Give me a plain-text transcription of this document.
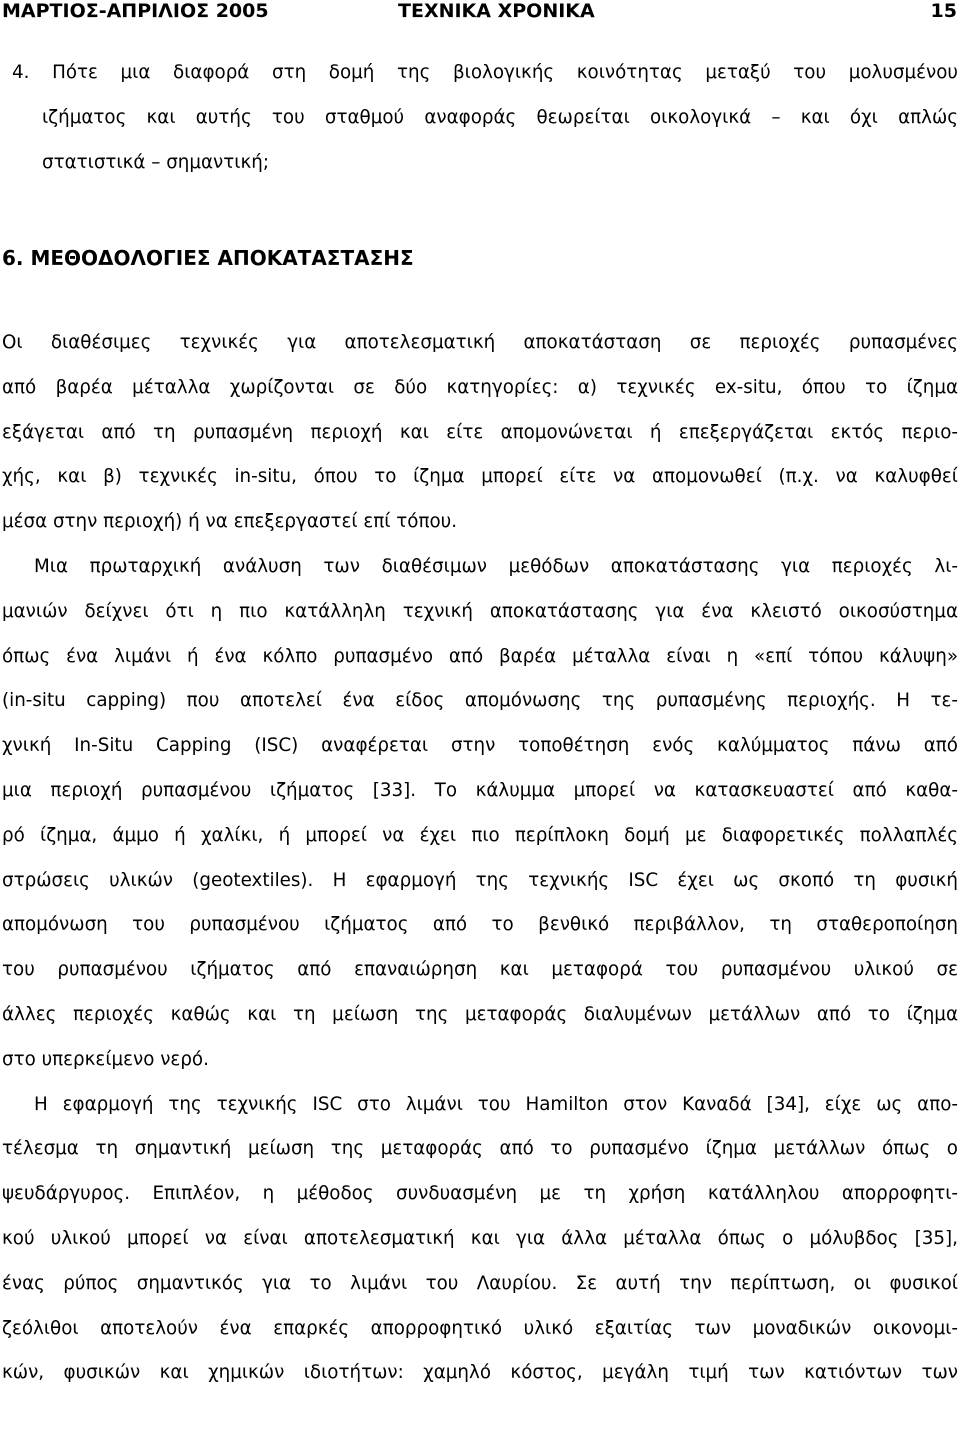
ΜΑΡΤΙΟΣ-ΑΠΡΙΛΙΟΣ 2005	ΤΕΧΝΙΚΑ ΧΡΟΝΙΚΑ	15
4. Πότε μια διαφορά στη δομή της βιολογικής κοινότητας μεταξύ του μολυσμένου
ιζήματος και αυτής του σταθμού αναφοράς θεωρείται οικολογικά – και όχι απλώς
στατιστικά – σημαντική;
6. ΜΕΘΟΔΟΛΟΓΙΕΣ ΑΠΟΚΑΤΑΣΤΑΣΗΣ
Οι διαθέσιμες τεχνικές για αποτελεσματική αποκατάσταση σε περιοχές ρυπασμένες
από βαρέα μέταλλα χωρίζονται σε δύο κατηγορίες: α) τεχνικές ex-situ, όπου το ίζημα
εξάγεται από τη ρυπασμένη περιοχή και είτε απομονώνεται ή επεξεργάζεται εκτός περιο-
χής, και β) τεχνικές in-situ, όπου το ίζημα μπορεί είτε να απομονωθεί (π.χ. να καλυφθεί
μέσα στην περιοχή) ή να επεξεργαστεί επί τόπου.
Μια πρωταρχική ανάλυση των διαθέσιμων μεθόδων αποκατάστασης για περιοχές λι-
μανιών δείχνει ότι η πιο κατάλληλη τεχνική αποκατάστασης για ένα κλειστό οικοσύστημα
όπως ένα λιμάνι ή ένα κόλπο ρυπασμένο από βαρέα μέταλλα είναι η «επί τόπου κάλυψη»
(in-situ capping) που αποτελεί ένα είδος απομόνωσης της ρυπασμένης περιοχής. Η τε-
χνική In-Situ Capping (ISC) αναφέρεται στην τοποθέτηση ενός καλύμματος πάνω από
μια περιοχή ρυπασμένου ιζήματος [33]. Το κάλυμμα μπορεί να κατασκευαστεί από καθα-
ρό ίζημα, άμμο ή χαλίκι, ή μπορεί να έχει πιο περίπλοκη δομή με διαφορετικές πολλαπλές
στρώσεις υλικών (geotextiles). Η εφαρμογή της τεχνικής ISC έχει ως σκοπό τη φυσική
απομόνωση του ρυπασμένου ιζήματος από το βενθικό περιβάλλον, τη σταθεροποίηση
του ρυπασμένου ιζήματος από επαναιώρηση και μεταφορά του ρυπασμένου υλικού σε
άλλες περιοχές καθώς και τη μείωση της μεταφοράς διαλυμένων μετάλλων από το ίζημα
στο υπερκείμενο νερό.
Η εφαρμογή της τεχνικής ISC στο λιμάνι του Hamilton στον Καναδά [34], είχε ως απο-
τέλεσμα τη σημαντική μείωση της μεταφοράς από το ρυπασμένο ίζημα μετάλλων όπως ο
ψευδάργυρος. Επιπλέον, η μέθοδος συνδυασμένη με τη χρήση κατάλληλου απορροφητι-
κού υλικού μπορεί να είναι αποτελεσματική και για άλλα μέταλλα όπως ο μόλυβδος [35],
ένας ρύπος σημαντικός για το λιμάνι του Λαυρίου. Σε αυτή την περίπτωση, οι φυσικοί
ζεόλιθοι αποτελούν ένα επαρκές απορροφητικό υλικό εξαιτίας των μοναδικών οικονομι-
κών, φυσικών και χημικών ιδιοτήτων: χαμηλό κόστος, μεγάλη τιμή των κατιόντων των
